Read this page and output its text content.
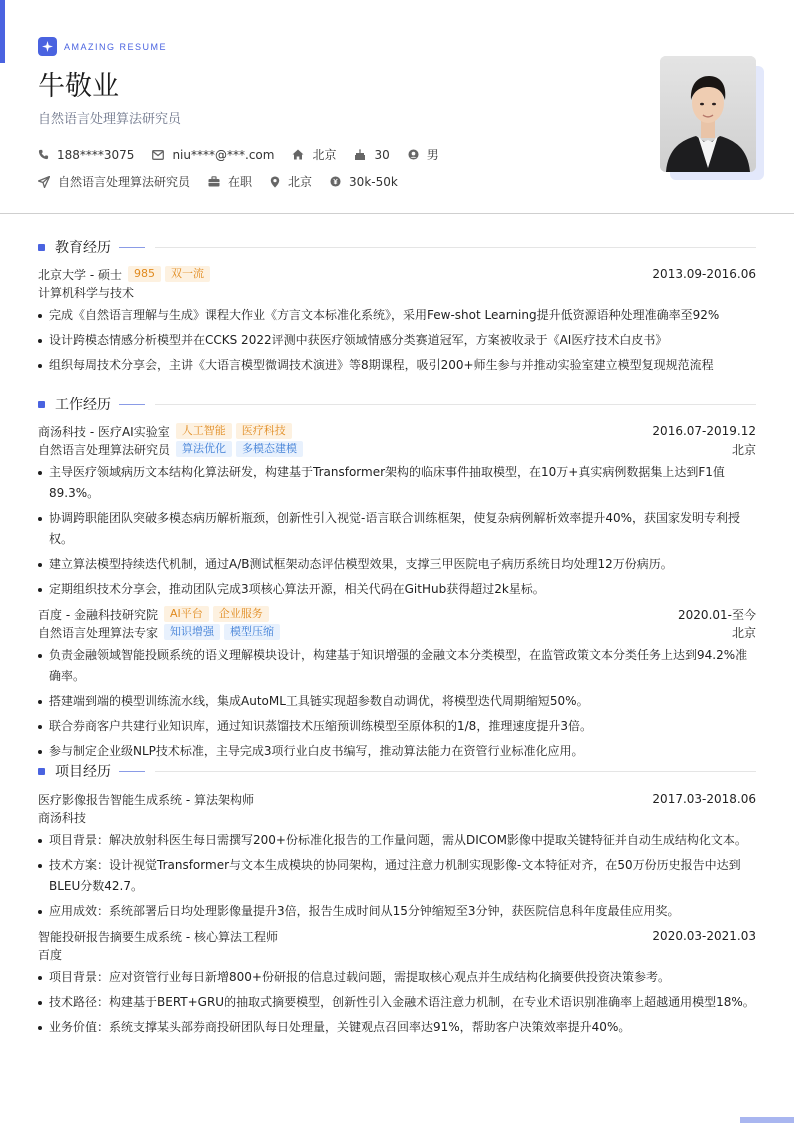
AMAZING RESUME
牛敬业
自然语言处理算法研究员
188****3075	niu****@***.com	北京	30	男
自然语言处理算法研究员	在职	北京	30k-50k
教育经历
北京大学 - 硕士	985	双一流	2013.09-2016.06
计算机科学与技术
完成《自然语言理解与生成》课程大作业《方言文本标准化系统》，采用Few-shot Learning提升低资源语种处理准确率至92%
设计跨模态情感分析模型并在CCKS 2022评测中获医疗领域情感分类赛道冠军，方案被收录于《AI医疗技术白皮书》
组织每周技术分享会，主讲《大语言模型微调技术演进》等8期课程，吸引200+师生参与并推动实验室建立模型复现规范流程
工作经历
商汤科技 - 医疗AI实验室	人工智能	医疗科技	2016.07-2019.12
自然语言处理算法研究员	算法优化	多模态建模	北京
主导医疗领域病历文本结构化算法研发，构建基于Transformer架构的临床事件抽取模型，在10万+真实病例数据集上达到F1值89.3%。
协调跨职能团队突破多模态病历解析瓶颈，创新性引入视觉-语言联合训练框架，使复杂病例解析效率提升40%，获国家发明专利授权。
建立算法模型持续迭代机制，通过A/B测试框架动态评估模型效果，支撑三甲医院电子病历系统日均处理12万份病历。
定期组织技术分享会，推动团队完成3项核心算法开源，相关代码在GitHub获得超过2k星标。
百度 - 金融科技研究院	AI平台	企业服务	2020.01-至今
自然语言处理算法专家	知识增强	模型压缩	北京
负责金融领域智能投顾系统的语义理解模块设计，构建基于知识增强的金融文本分类模型，在监管政策文本分类任务上达到94.2%准确率。
搭建端到端的模型训练流水线，集成AutoML工具链实现超参数自动调优，将模型迭代周期缩短50%。
联合券商客户共建行业知识库，通过知识蒸馏技术压缩预训练模型至原体积的1/8，推理速度提升3倍。
参与制定企业级NLP技术标准，主导完成3项行业白皮书编写，推动算法能力在资管行业标准化应用。
项目经历
医疗影像报告智能生成系统 - 算法架构师	2017.03-2018.06
商汤科技
项目背景：解决放射科医生每日需撰写200+份标准化报告的工作量问题，需从DICOM影像中提取关键特征并自动生成结构化文本。
技术方案：设计视觉Transformer与文本生成模块的协同架构，通过注意力机制实现影像-文本特征对齐，在50万份历史报告中达到BLEU分数42.7。
应用成效：系统部署后日均处理影像量提升3倍，报告生成时间从15分钟缩短至3分钟，获医院信息科年度最佳应用奖。
智能投研报告摘要生成系统 - 核心算法工程师	2020.03-2021.03
百度
项目背景：应对资管行业每日新增800+份研报的信息过载问题，需提取核心观点并生成结构化摘要供投资决策参考。
技术路径：构建基于BERT+GRU的抽取式摘要模型，创新性引入金融术语注意力机制，在专业术语识别准确率上超越通用模型18%。
业务价值：系统支撑某头部券商投研团队每日处理量，关键观点召回率达91%，帮助客户决策效率提升40%。
